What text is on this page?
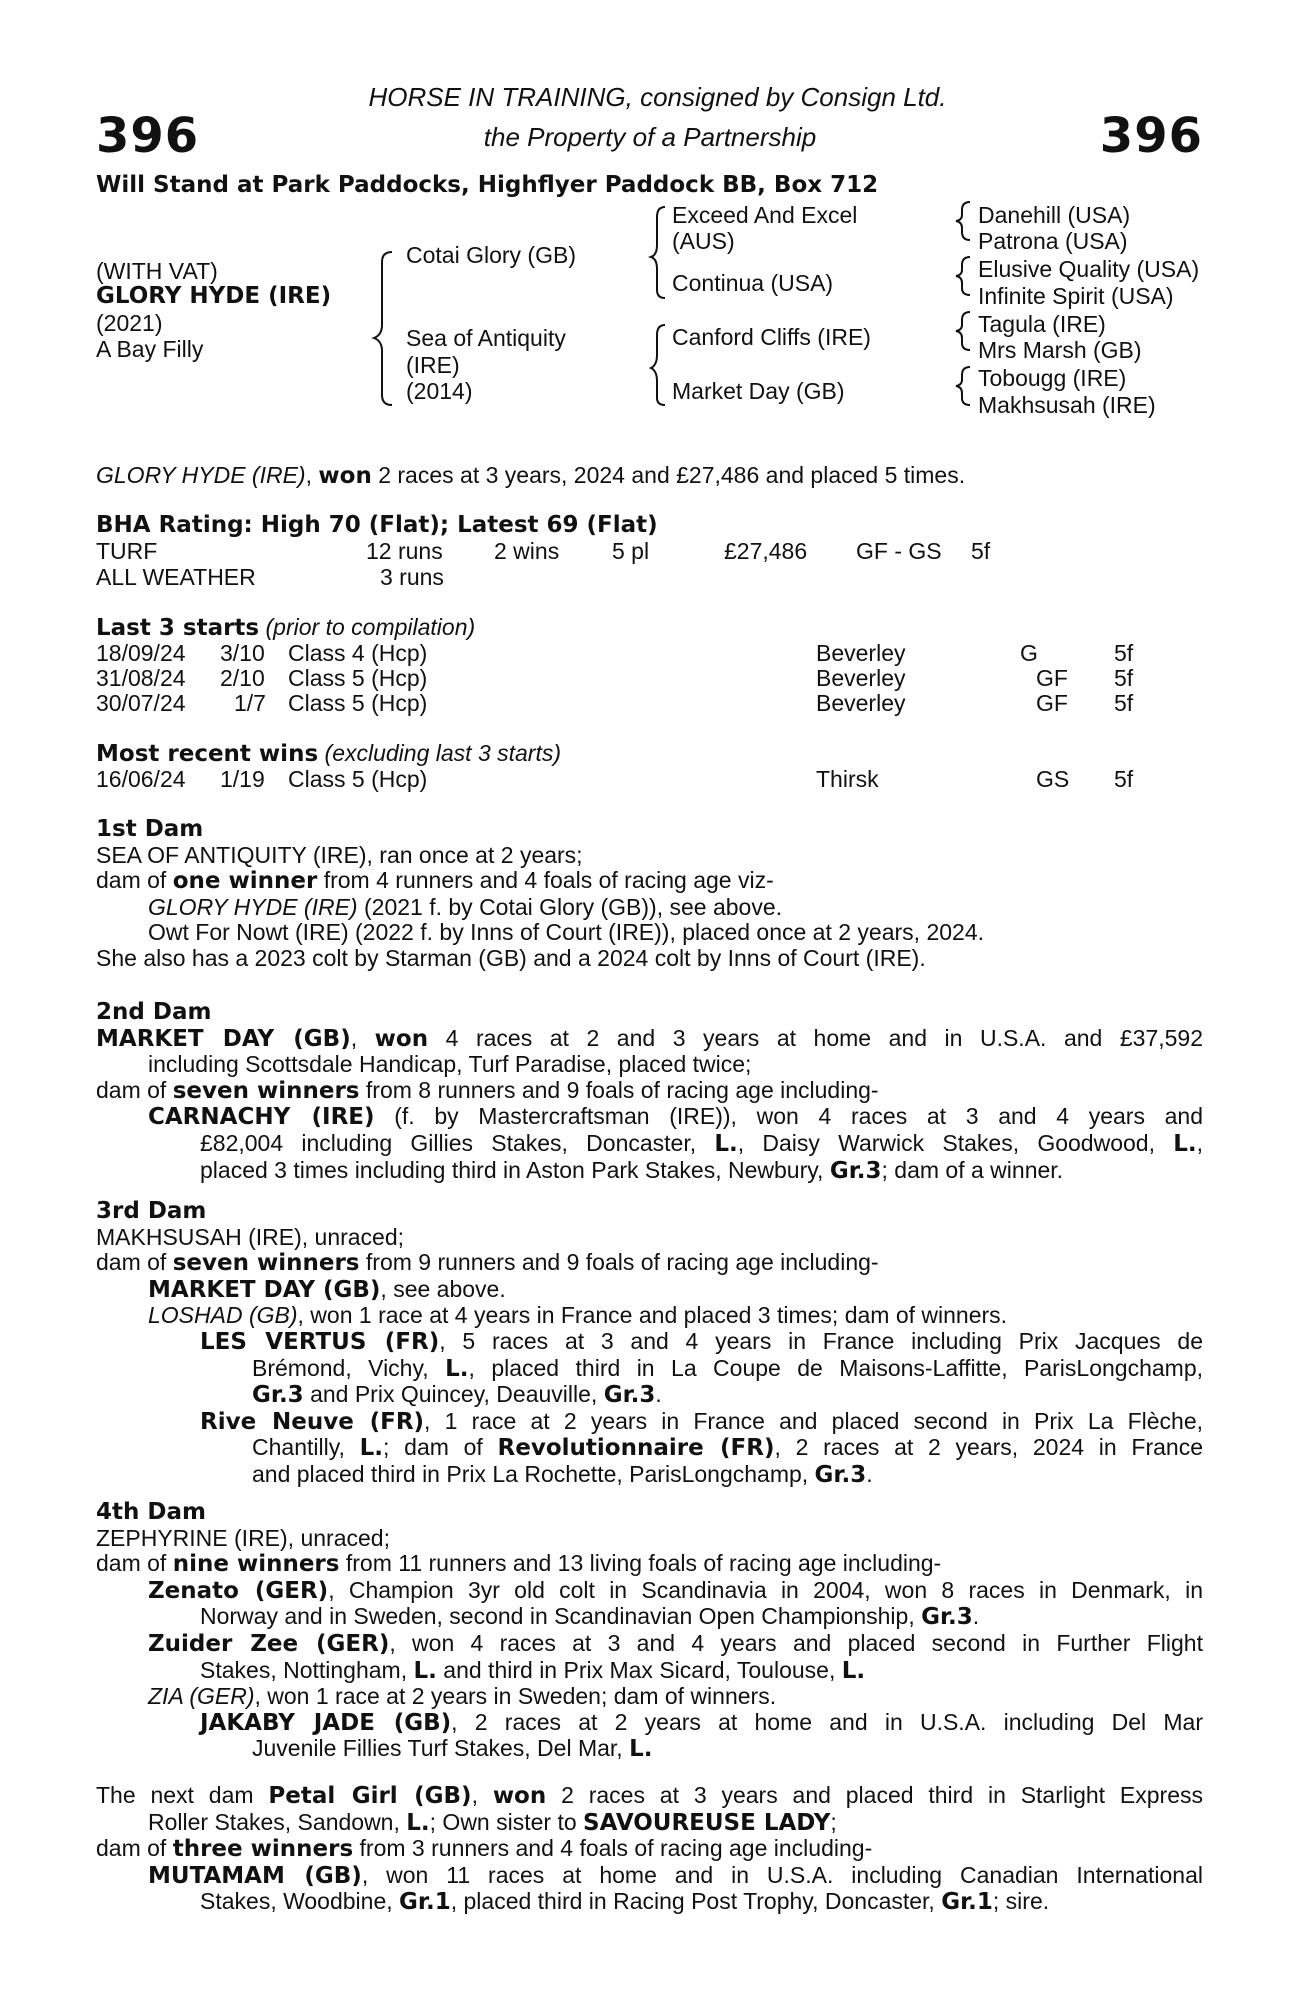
396	396
HORSE IN TRAINING, consigned by Consign Ltd.
the Property of a Partnership
Will Stand at Park Paddocks, Highflyer Paddock BB, Box 712
(WITH VAT)
GLORY HYDE (IRE)
(2021)
A Bay Filly
Cotai Glory (GB)
Sea of Antiquity
(IRE)
(2014)
Exceed And Excel
(AUS)
Continua (USA)
Canford Cliffs (IRE)
Market Day (GB)
Danehill (USA)
Patrona (USA)
Elusive Quality (USA)
Infinite Spirit (USA)
Tagula (IRE)
Mrs Marsh (GB)
Tobougg (IRE)
Makhsusah (IRE)
GLORY HYDE (IRE), won 2 races at 3 years, 2024 and £27,486 and placed 5 times.
BHA Rating: High 70 (Flat); Latest 69 (Flat)
TURF	12 runs 2 wins 5 pl	£27,486 GF - GS 5f
ALL WEATHER	3 runs
Last 3 starts (prior to compilation)
18/09/24 3/10 Class 4 (Hcp)	Beverley	G	5f
31/08/24 2/10 Class 5 (Hcp)	Beverley	GF 5f
30/07/24 1/7 Class 5 (Hcp)	Beverley	GF 5f
Most recent wins (excluding last 3 starts)
16/06/24 1/19 Class 5 (Hcp)	Thirsk	GS 5f
1st Dam
SEA OF ANTIQUITY (IRE), ran once at 2 years;
dam of one winner from 4 runners and 4 foals of racing age viz-
GLORY HYDE (IRE) (2021 f. by Cotai Glory (GB)), see above.
Owt For Nowt (IRE) (2022 f. by Inns of Court (IRE)), placed once at 2 years, 2024.
She also has a 2023 colt by Starman (GB) and a 2024 colt by Inns of Court (IRE).
2nd Dam
MARKET DAY (GB), won 4 races at 2 and 3 years at home and in U.S.A. and £37,592
including Scottsdale Handicap, Turf Paradise, placed twice;
dam of seven winners from 8 runners and 9 foals of racing age including-
CARNACHY (IRE) (f. by Mastercraftsman (IRE)), won 4 races at 3 and 4 years and
£82,004 including Gillies Stakes, Doncaster, L., Daisy Warwick Stakes, Goodwood, L.,
placed 3 times including third in Aston Park Stakes, Newbury, Gr.3; dam of a winner.
3rd Dam
MAKHSUSAH (IRE), unraced;
dam of seven winners from 9 runners and 9 foals of racing age including-
MARKET DAY (GB), see above.
LOSHAD (GB), won 1 race at 4 years in France and placed 3 times; dam of winners.
LES VERTUS (FR), 5 races at 3 and 4 years in France including Prix Jacques de
Brémond, Vichy, L., placed third in La Coupe de Maisons-Laffitte, ParisLongchamp,
Gr.3 and Prix Quincey, Deauville, Gr.3.
Rive Neuve (FR), 1 race at 2 years in France and placed second in Prix La Flèche,
Chantilly, L.; dam of Revolutionnaire (FR), 2 races at 2 years, 2024 in France
and placed third in Prix La Rochette, ParisLongchamp, Gr.3.
4th Dam
ZEPHYRINE (IRE), unraced;
dam of nine winners from 11 runners and 13 living foals of racing age including-
Zenato (GER), Champion 3yr old colt in Scandinavia in 2004, won 8 races in Denmark, in
Norway and in Sweden, second in Scandinavian Open Championship, Gr.3.
Zuider Zee (GER), won 4 races at 3 and 4 years and placed second in Further Flight
Stakes, Nottingham, L. and third in Prix Max Sicard, Toulouse, L.
ZIA (GER), won 1 race at 2 years in Sweden; dam of winners.
JAKABY JADE (GB), 2 races at 2 years at home and in U.S.A. including Del Mar
Juvenile Fillies Turf Stakes, Del Mar, L.
The next dam Petal Girl (GB), won 2 races at 3 years and placed third in Starlight Express
Roller Stakes, Sandown, L.; Own sister to SAVOUREUSE LADY;
dam of three winners from 3 runners and 4 foals of racing age including-
MUTAMAM (GB), won 11 races at home and in U.S.A. including Canadian International
Stakes, Woodbine, Gr.1, placed third in Racing Post Trophy, Doncaster, Gr.1; sire.
